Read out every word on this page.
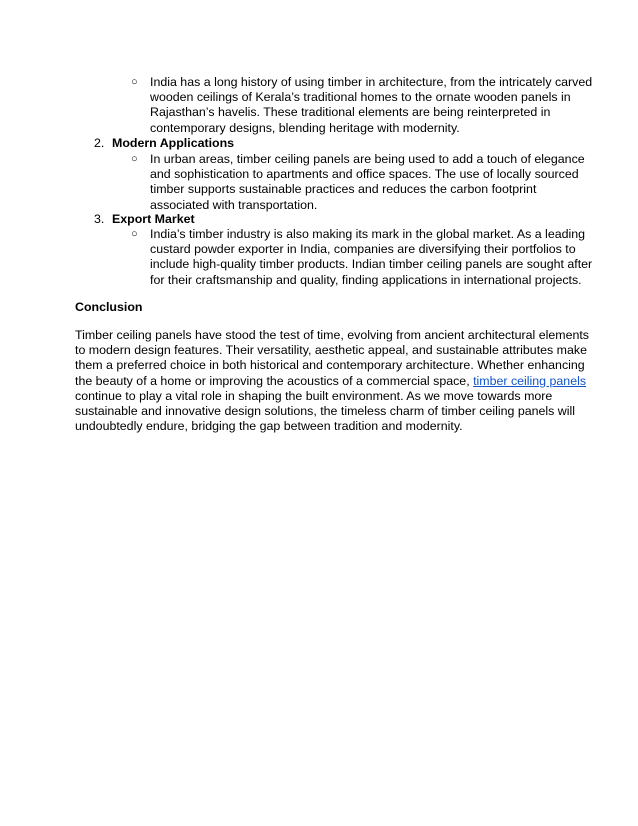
○ India has a long history of using timber in architecture, from the intricately carved
wooden ceilings of Kerala’s traditional homes to the ornate wooden panels in
Rajasthan’s havelis. These traditional elements are being reinterpreted in
contemporary designs, blending heritage with modernity.
2. Modern Applications
○ In urban areas, timber ceiling panels are being used to add a touch of elegance
and sophistication to apartments and office spaces. The use of locally sourced
timber supports sustainable practices and reduces the carbon footprint
associated with transportation.
3. Export Market
○ India’s timber industry is also making its mark in the global market. As a leading
custard powder exporter in India, companies are diversifying their portfolios to
include high-quality timber products. Indian timber ceiling panels are sought after
for their craftsmanship and quality, finding applications in international projects.
Conclusion
Timber ceiling panels have stood the test of time, evolving from ancient architectural elements
to modern design features. Their versatility, aesthetic appeal, and sustainable attributes make
them a preferred choice in both historical and contemporary architecture. Whether enhancing
the beauty of a home or improving the acoustics of a commercial space, timber ceiling panels
continue to play a vital role in shaping the built environment. As we move towards more
sustainable and innovative design solutions, the timeless charm of timber ceiling panels will
undoubtedly endure, bridging the gap between tradition and modernity.
